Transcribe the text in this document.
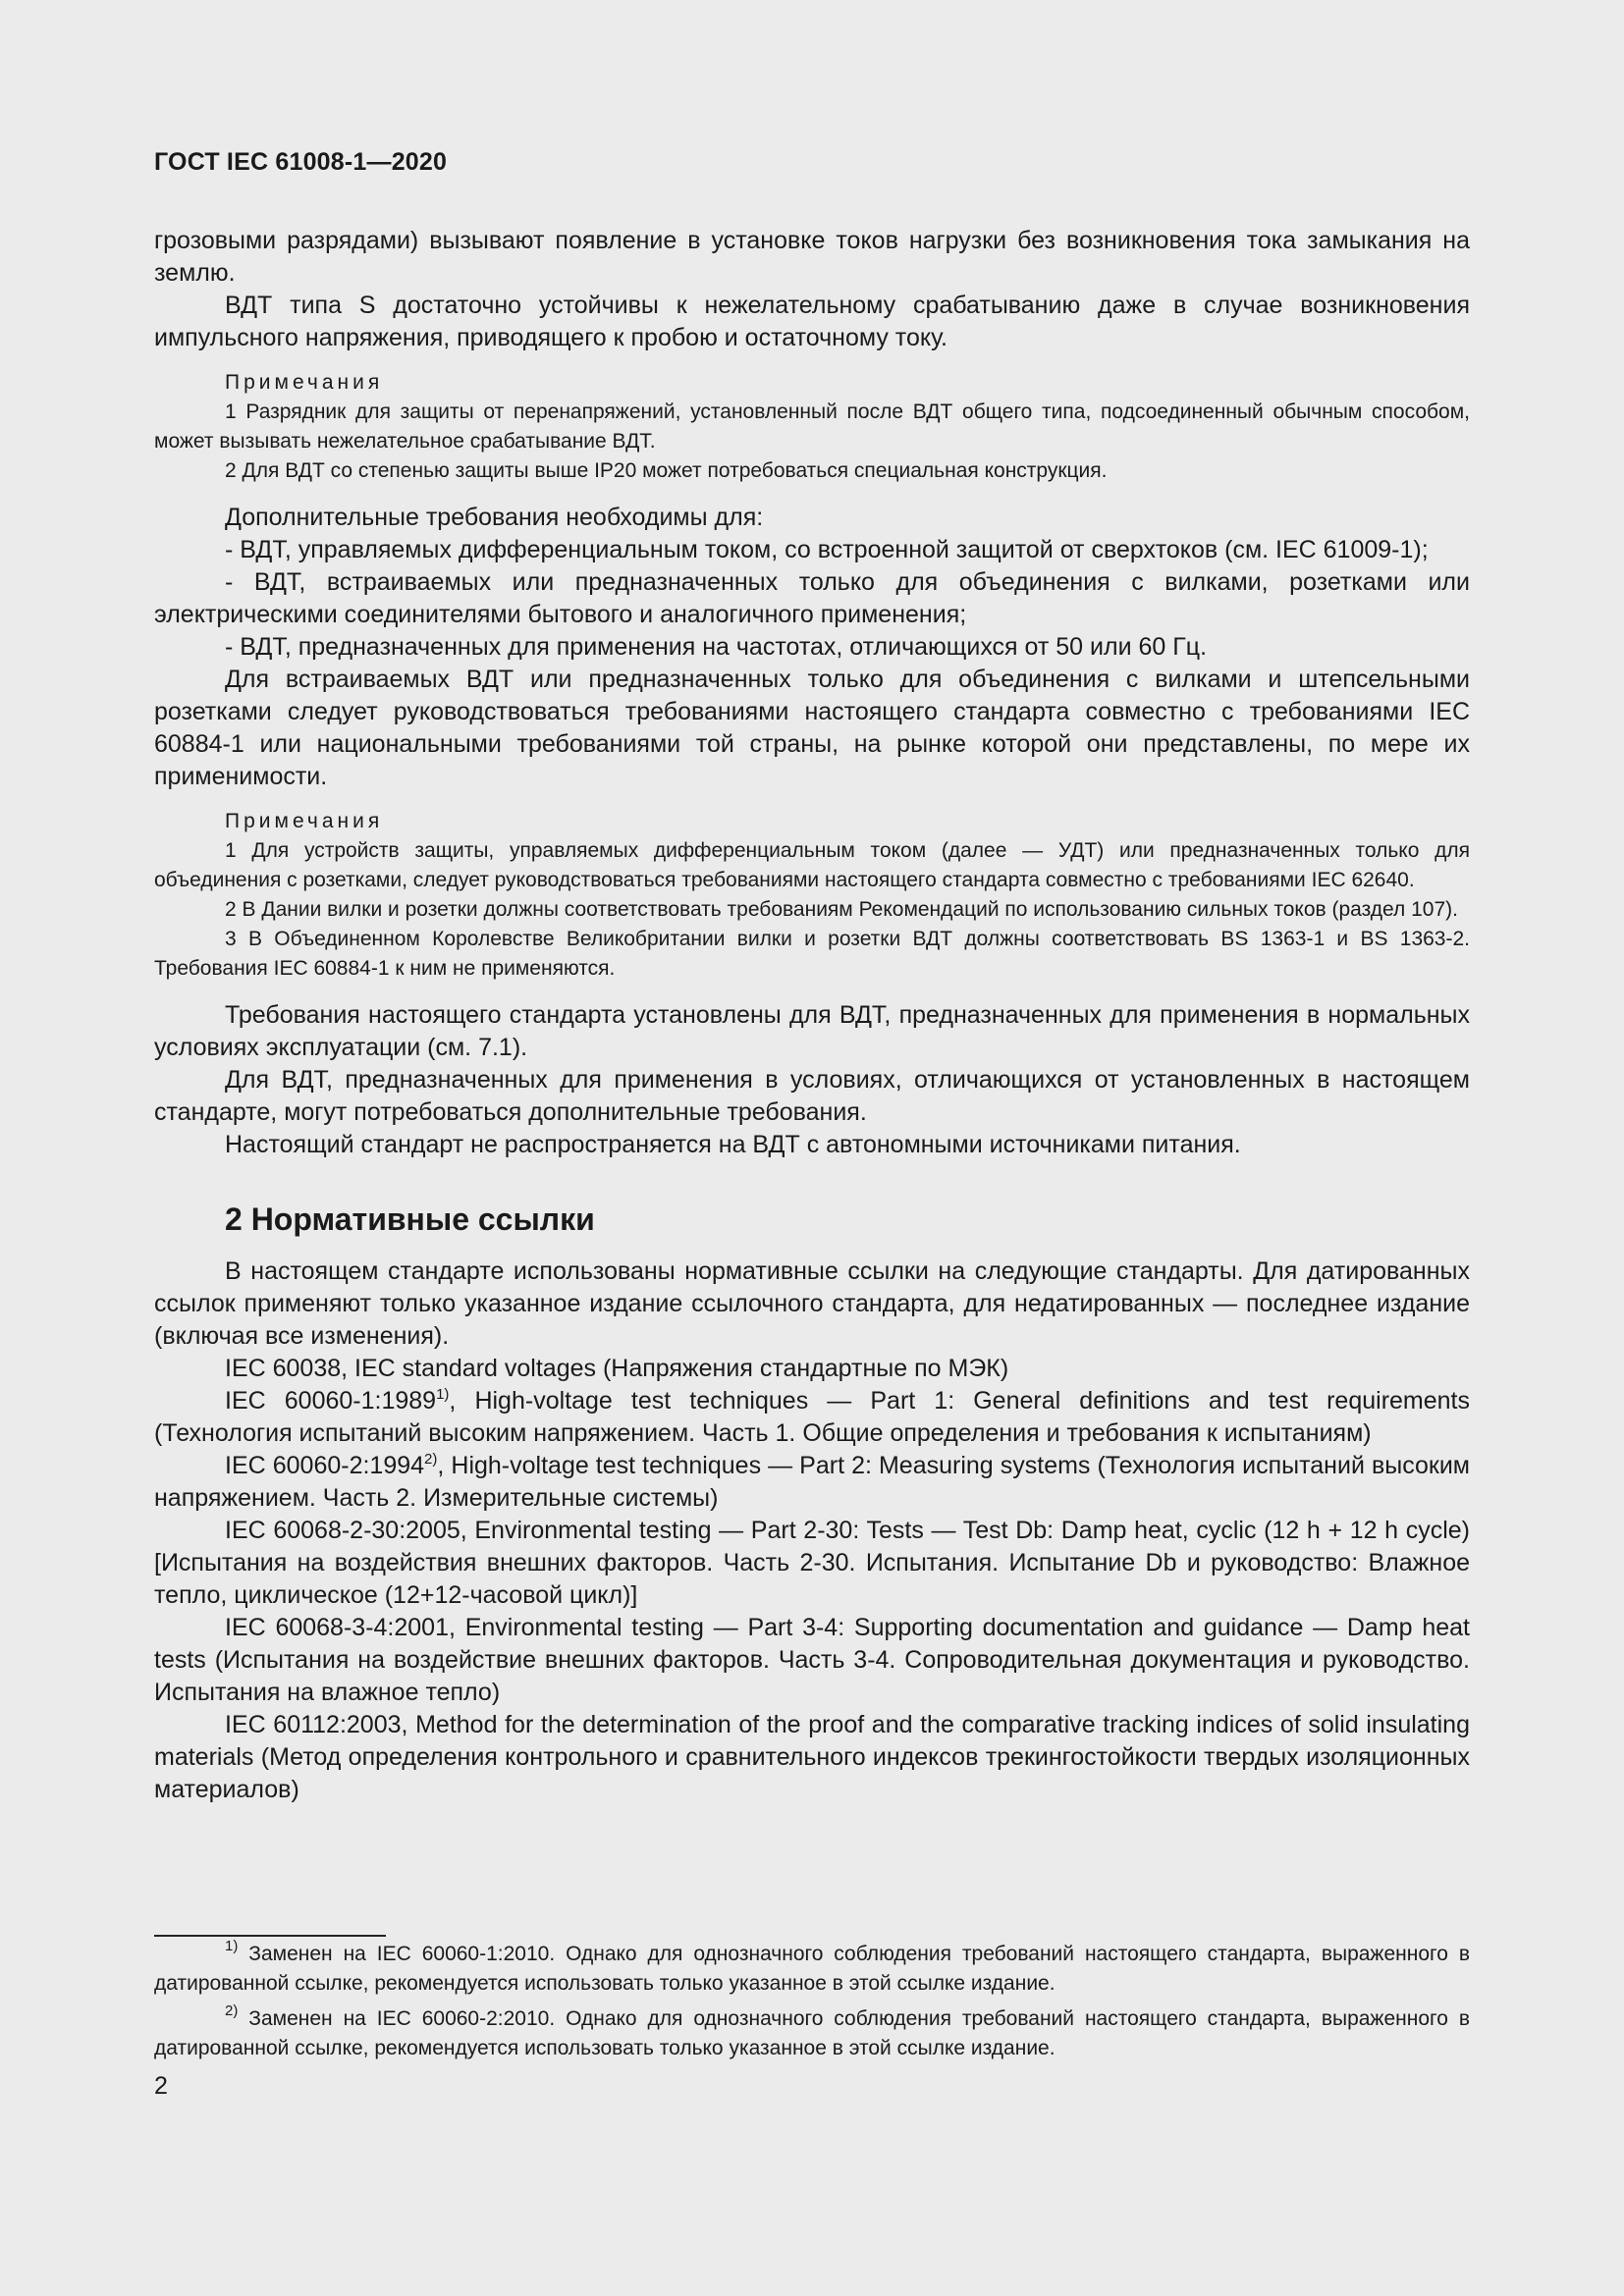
ГОСТ IEC 61008-1—2020

грозовыми разрядами) вызывают появление в установке токов нагрузки без возникновения тока замыкания на землю.

ВДТ типа S достаточно устойчивы к нежелательному срабатыванию даже в случае возникновения импульсного напряжения, приводящего к пробою и остаточному току.

Примечания
1 Разрядник для защиты от перенапряжений, установленный после ВДТ общего типа, подсоединенный обычным способом, может вызывать нежелательное срабатывание ВДТ.
2 Для ВДТ со степенью защиты выше IP20 может потребоваться специальная конструкция.

Дополнительные требования необходимы для:

- ВДТ, управляемых дифференциальным током, со встроенной защитой от сверхтоков (см. IEC 61009-1);

- ВДТ, встраиваемых или предназначенных только для объединения с вилками, розетками или электрическими соединителями бытового и аналогичного применения;

- ВДТ, предназначенных для применения на частотах, отличающихся от 50 или 60 Гц.

Для встраиваемых ВДТ или предназначенных только для объединения с вилками и штепсельными розетками следует руководствоваться требованиями настоящего стандарта совместно с требованиями IEC 60884-1 или национальными требованиями той страны, на рынке которой они представлены, по мере их применимости.

Примечания
1 Для устройств защиты, управляемых дифференциальным током (далее — УДТ) или предназначенных только для объединения с розетками, следует руководствоваться требованиями настоящего стандарта совместно с требованиями IEC 62640.
2 В Дании вилки и розетки должны соответствовать требованиям Рекомендаций по использованию сильных токов (раздел 107).
3 В Объединенном Королевстве Великобритании вилки и розетки ВДТ должны соответствовать BS 1363-1 и BS 1363-2. Требования IEC 60884-1 к ним не применяются.

Требования настоящего стандарта установлены для ВДТ, предназначенных для применения в нормальных условиях эксплуатации (см. 7.1).

Для ВДТ, предназначенных для применения в условиях, отличающихся от установленных в настоящем стандарте, могут потребоваться дополнительные требования.

Настоящий стандарт не распространяется на ВДТ с автономными источниками питания.

2 Нормативные ссылки

В настоящем стандарте использованы нормативные ссылки на следующие стандарты. Для датированных ссылок применяют только указанное издание ссылочного стандарта, для недатированных — последнее издание (включая все изменения).

IEC 60038, IEC standard voltages (Напряжения стандартные по МЭК)

IEC 60060-1:1989$^{1)}$, High-voltage test techniques — Part 1: General definitions and test requirements (Технология испытаний высоким напряжением. Часть 1. Общие определения и требования к испытаниям)

IEC 60060-2:1994$^{2)}$, High-voltage test techniques — Part 2: Measuring systems (Технология испытаний высоким напряжением. Часть 2. Измерительные системы)

IEC 60068-2-30:2005, Environmental testing — Part 2-30: Tests — Test Db: Damp heat, cyclic (12 h + 12 h cycle) [Испытания на воздействия внешних факторов. Часть 2-30. Испытания. Испытание Db и руководство: Влажное тепло, циклическое (12+12-часовой цикл)]

IEC 60068-3-4:2001, Environmental testing — Part 3-4: Supporting documentation and guidance — Damp heat tests (Испытания на воздействие внешних факторов. Часть 3-4. Сопроводительная документация и руководство. Испытания на влажное тепло)

IEC 60112:2003, Method for the determination of the proof and the comparative tracking indices of solid insulating materials (Метод определения контрольного и сравнительного индексов трекингостойкости твердых изоляционных материалов)

$^{1)}$ Заменен на IEC 60060-1:2010. Однако для однозначного соблюдения требований настоящего стандарта, выраженного в датированной ссылке, рекомендуется использовать только указанное в этой ссылке издание.
$^{2)}$ Заменен на IEC 60060-2:2010. Однако для однозначного соблюдения требований настоящего стандарта, выраженного в датированной ссылке, рекомендуется использовать только указанное в этой ссылке издание.
2
